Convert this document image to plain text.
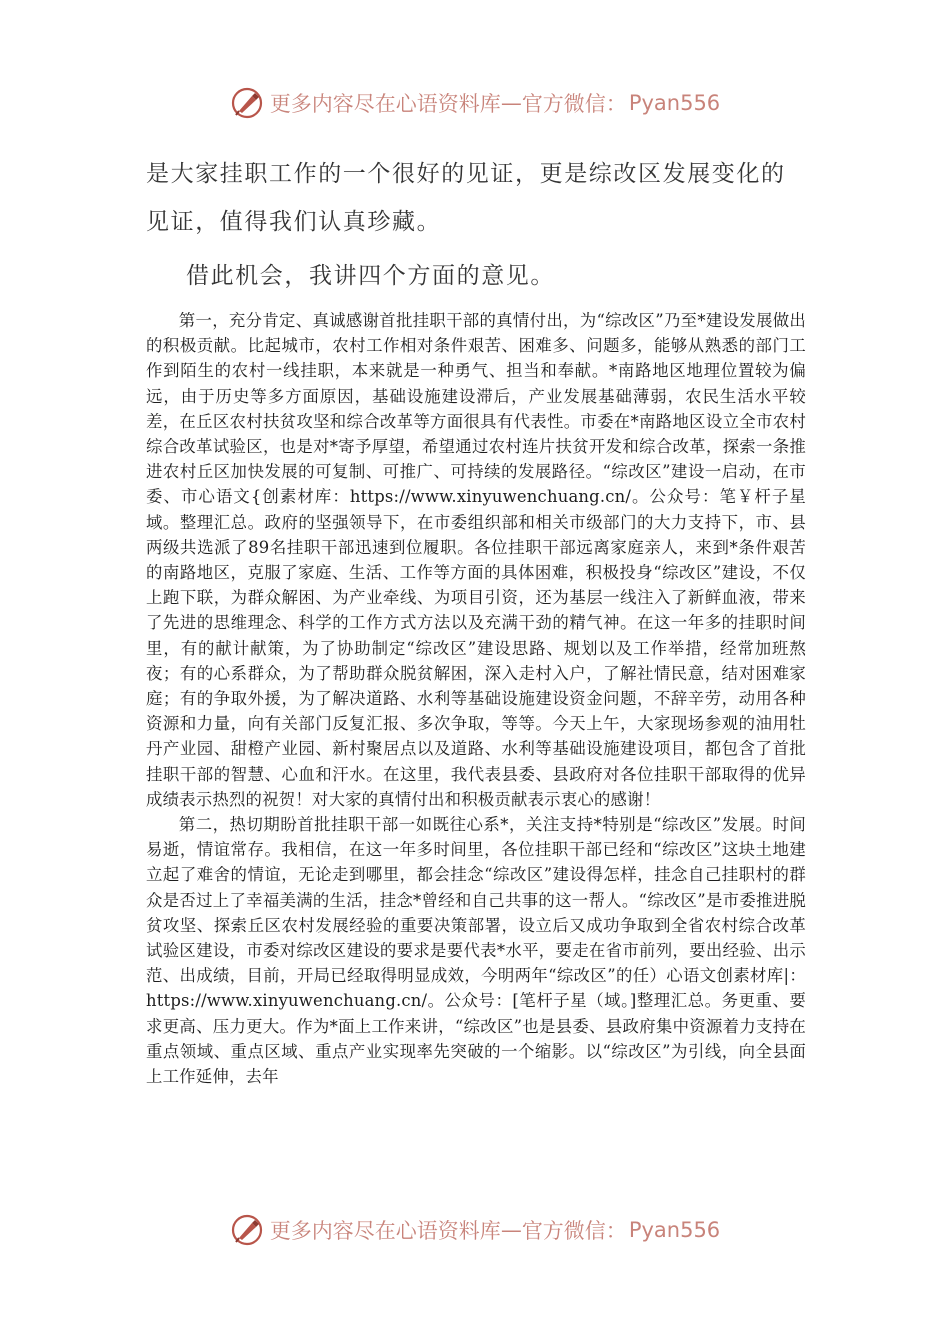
更多内容尽在心语资料库 — 官方微信： Pyan556

是大家挂职工作的一个很好的见证，更是综改区发展变化的见证，值得我们认真珍藏。

借此机会，我讲四个方面的意见。

第一，充分肯定、真诚感谢首批挂职干部的真情付出，为“综改区”乃至*建设发展做出的积极贡献。比起城市，农村工作相对条件艰苦、困难多、问题多，能够从熟悉的部门工作到陌生的农村一线挂职，本来就是一种勇气、担当和奉献。*南路地区地理位置较为偏远，由于历史等多方面原因，基础设施建设滞后，产业发展基础薄弱，农民生活水平较差，在丘区农村扶贫攻坚和综合改革等方面很具有代表性。市委在*南路地区设立全市农村综合改革试验区，也是对*寄予厚望，希望通过农村连片扶贫开发和综合改革，探索一条推进农村丘区加快发展的可复制、可推广、可持续的发展路径。“综改区”建设一启动，在市委、市心语文{创素材库：https://www.xinyuwenchuang.cn/。公众号：笔￥杆子星域。整理汇总。政府的坚强领导下，在市委组织部和相关市级部门的大力支持下，市、县两级共选派了89名挂职干部迅速到位履职。各位挂职干部远离家庭亲人，来到*条件艰苦的南路地区，克服了家庭、生活、工作等方面的具体困难，积极投身“综改区”建设，不仅上跑下联，为群众解困、为产业牵线、为项目引资，还为基层一线注入了新鲜血液，带来了先进的思维理念、科学的工作方式方法以及充满干劲的精气神。在这一年多的挂职时间里，有的献计献策，为了协助制定“综改区”建设思路、规划以及工作举措，经常加班熬夜；有的心系群众，为了帮助群众脱贫解困，深入走村入户，了解社情民意，结对困难家庭；有的争取外援，为了解决道路、水利等基础设施建设资金问题，不辞辛劳，动用各种资源和力量，向有关部门反复汇报、多次争取，等等。今天上午，大家现场参观的油用牡丹产业园、甜橙产业园、新村聚居点以及道路、水利等基础设施建设项目，都包含了首批挂职干部的智慧、心血和汗水。在这里，我代表县委、县政府对各位挂职干部取得的优异成绩表示热烈的祝贺！对大家的真情付出和积极贡献表示衷心的感谢！

第二，热切期盼首批挂职干部一如既往心系*，关注支持*特别是“综改区”发展。时间易逝，情谊常存。我相信，在这一年多时间里，各位挂职干部已经和“综改区”这块土地建立起了难舍的情谊，无论走到哪里，都会挂念“综改区”建设得怎样，挂念自己挂职村的群众是否过上了幸福美满的生活，挂念*曾经和自己共事的这一帮人。“综改区”是市委推进脱贫攻坚、探索丘区农村发展经验的重要决策部署，设立后又成功争取到全省农村综合改革试验区建设，市委对综改区建设的要求是要代表*水平，要走在省市前列，要出经验、出示范、出成绩，目前，开局已经取得明显成效，今明两年“综改区”的任）心语文创素材库|：https://www.xinyuwenchuang.cn/。公众号：[笔杆子星（域。]整理汇总。务更重、要求更高、压力更大。作为*面上工作来讲，“综改区”也是县委、县政府集中资源着力支持在重点领域、重点区域、重点产业实现率先突破的一个缩影。以“综改区”为引线，向全县面上工作延伸，去年

更多内容尽在心语资料库 — 官方微信： Pyan556
